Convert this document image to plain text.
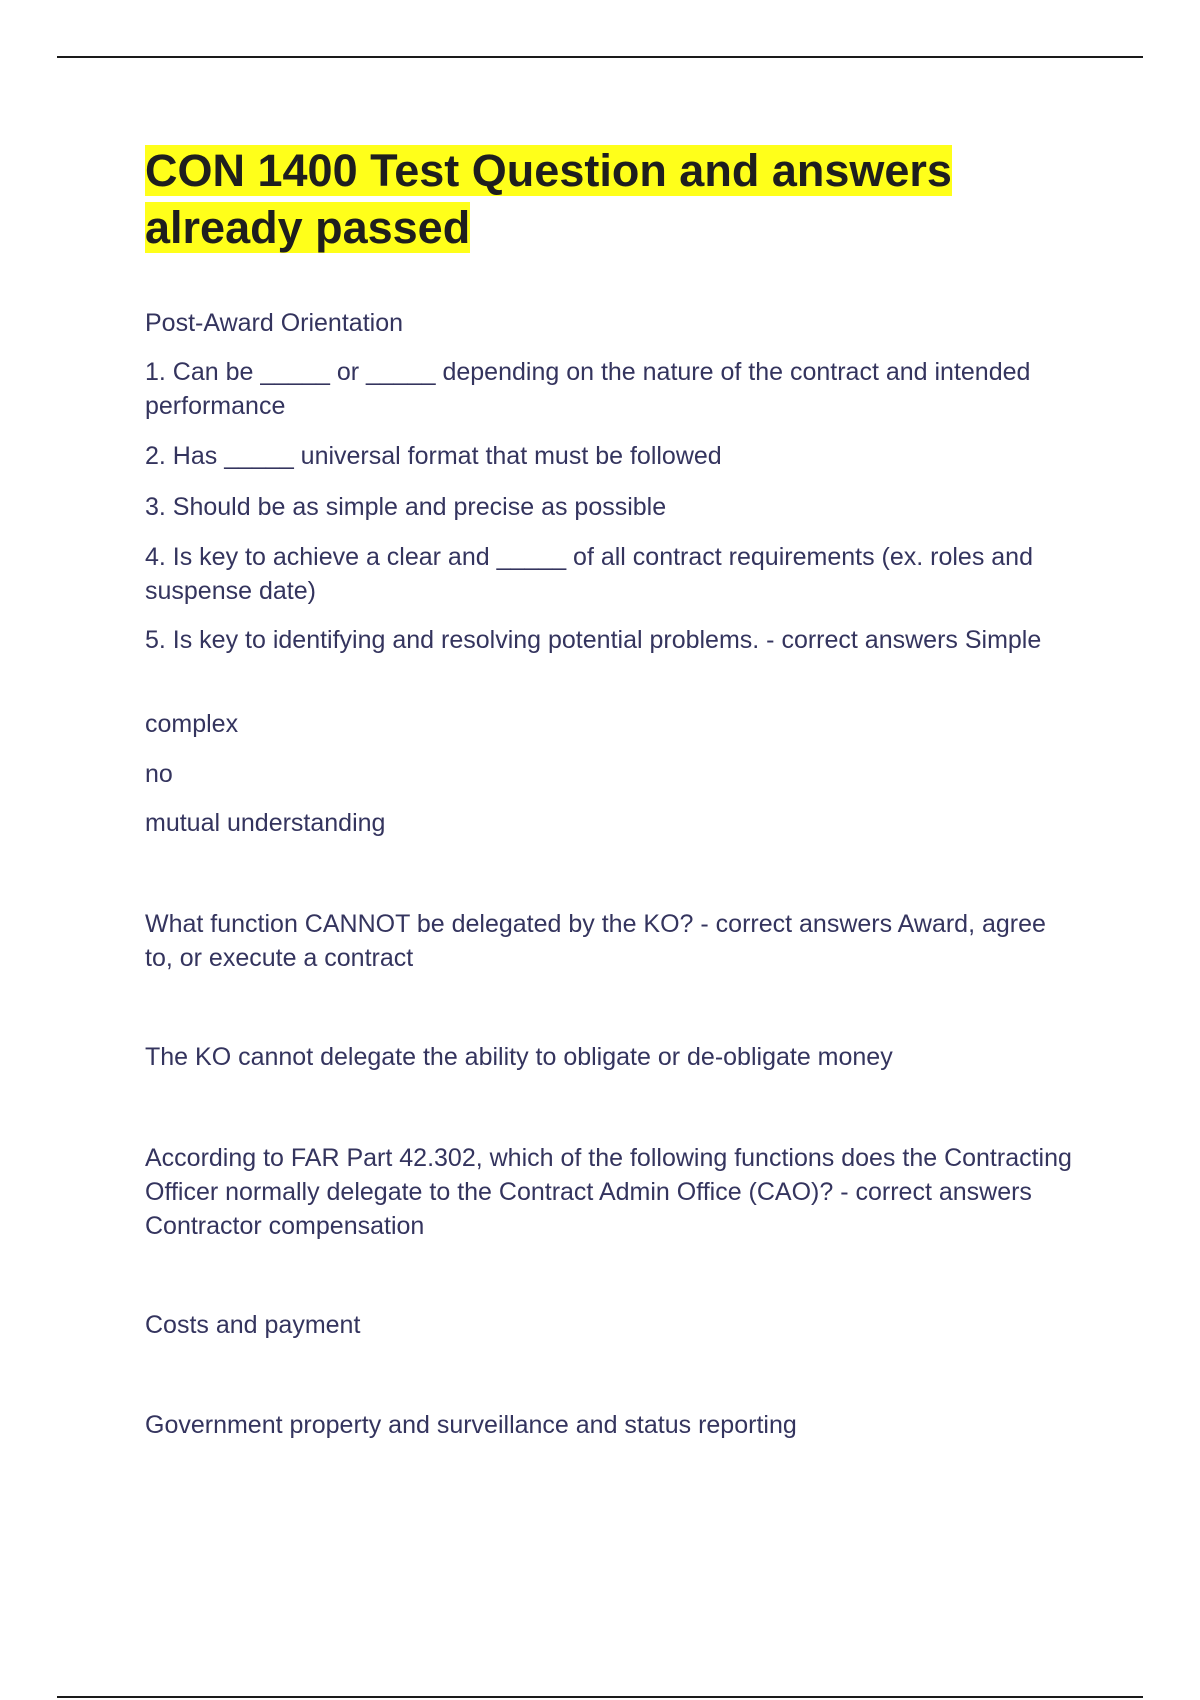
CON 1400 Test Question and answers already passed

Post-Award Orientation

1. Can be _____ or _____ depending on the nature of the contract and intended performance

2. Has _____ universal format that must be followed

3. Should be as simple and precise as possible

4. Is key to achieve a clear and _____ of all contract requirements (ex. roles and suspense date)

5. Is key to identifying and resolving potential problems. - correct answers Simple

complex

no

mutual understanding

What function CANNOT be delegated by the KO? - correct answers Award, agree to, or execute a contract

The KO cannot delegate the ability to obligate or de-obligate money

According to FAR Part 42.302, which of the following functions does the Contracting Officer normally delegate to the Contract Admin Office (CAO)? - correct answers Contractor compensation

Costs and payment

Government property and surveillance and status reporting
